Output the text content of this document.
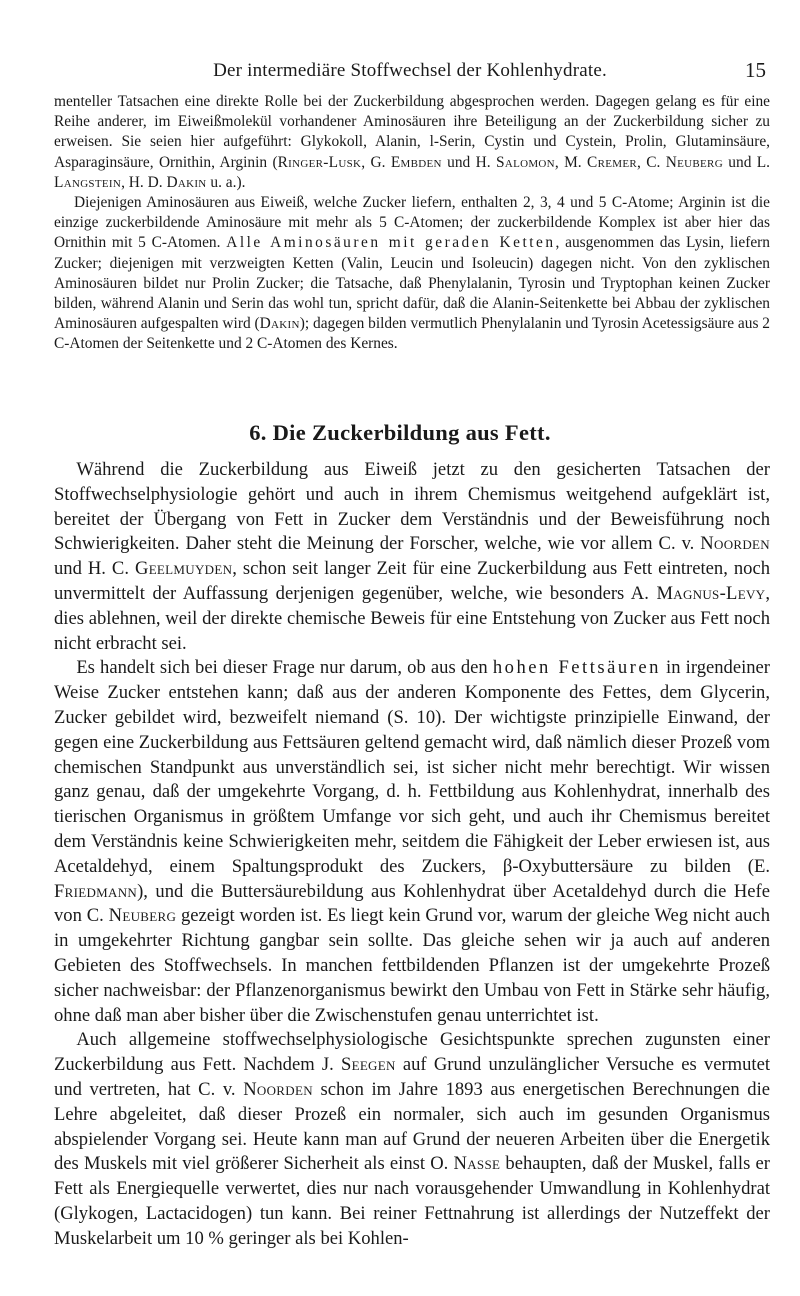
Der intermediäre Stoffwechsel der Kohlenhydrate.	15

menteller Tatsachen eine direkte Rolle bei der Zuckerbildung abgesprochen werden. Dagegen gelang es für eine Reihe anderer, im Eiweißmolekül vorhandener Aminosäuren ihre Beteiligung an der Zuckerbildung sicher zu erweisen. Sie seien hier aufgeführt: Glykokoll, Alanin, l-Serin, Cystin und Cystein, Prolin, Glutaminsäure, Asparaginsäure, Ornithin, Arginin (Ringer-Lusk, G. Embden und H. Salomon, M. Cremer, C. Neuberg und L. Langstein, H. D. Dakin u. a.).

Diejenigen Aminosäuren aus Eiweiß, welche Zucker liefern, enthalten 2, 3, 4 und 5 C-Atome; Arginin ist die einzige zuckerbildende Aminosäure mit mehr als 5 C-Atomen; der zuckerbildende Komplex ist aber hier das Ornithin mit 5 C-Atomen. Alle Aminosäuren mit geraden Ketten, ausgenommen das Lysin, liefern Zucker; diejenigen mit verzweigten Ketten (Valin, Leucin und Isoleucin) dagegen nicht. Von den zyklischen Aminosäuren bildet nur Prolin Zucker; die Tatsache, daß Phenylalanin, Tyrosin und Tryptophan keinen Zucker bilden, während Alanin und Serin das wohl tun, spricht dafür, daß die Alanin-Seitenkette bei Abbau der zyklischen Aminosäuren aufgespalten wird (Dakin); dagegen bilden vermutlich Phenylalanin und Tyrosin Acetessigsäure aus 2 C-Atomen der Seitenkette und 2 C-Atomen des Kernes.

6. Die Zuckerbildung aus Fett.

Während die Zuckerbildung aus Eiweiß jetzt zu den gesicherten Tatsachen der Stoffwechselphysiologie gehört und auch in ihrem Chemismus weitgehend aufgeklärt ist, bereitet der Übergang von Fett in Zucker dem Verständnis und der Beweisführung noch Schwierigkeiten. Daher steht die Meinung der Forscher, welche, wie vor allem C. v. Noorden und H. C. Geelmuyden, schon seit langer Zeit für eine Zuckerbildung aus Fett eintreten, noch unvermittelt der Auffassung derjenigen gegenüber, welche, wie besonders A. Magnus-Levy, dies ablehnen, weil der direkte chemische Beweis für eine Entstehung von Zucker aus Fett noch nicht erbracht sei.

Es handelt sich bei dieser Frage nur darum, ob aus den hohen Fettsäuren in irgendeiner Weise Zucker entstehen kann; daß aus der anderen Komponente des Fettes, dem Glycerin, Zucker gebildet wird, bezweifelt niemand (S. 10). Der wichtigste prinzipielle Einwand, der gegen eine Zuckerbildung aus Fettsäuren geltend gemacht wird, daß nämlich dieser Prozeß vom chemischen Standpunkt aus unverständlich sei, ist sicher nicht mehr berechtigt. Wir wissen ganz genau, daß der umgekehrte Vorgang, d. h. Fettbildung aus Kohlenhydrat, innerhalb des tierischen Organismus in größtem Umfange vor sich geht, und auch ihr Chemismus bereitet dem Verständnis keine Schwierigkeiten mehr, seitdem die Fähigkeit der Leber erwiesen ist, aus Acetaldehyd, einem Spaltungsprodukt des Zuckers, β-Oxybuttersäure zu bilden (E. Friedmann), und die Buttersäurebildung aus Kohlenhydrat über Acetaldehyd durch die Hefe von C. Neuberg gezeigt worden ist. Es liegt kein Grund vor, warum der gleiche Weg nicht auch in umgekehrter Richtung gangbar sein sollte. Das gleiche sehen wir ja auch auf anderen Gebieten des Stoffwechsels. In manchen fettbildenden Pflanzen ist der umgekehrte Prozeß sicher nachweisbar: der Pflanzenorganismus bewirkt den Umbau von Fett in Stärke sehr häufig, ohne daß man aber bisher über die Zwischenstufen genau unterrichtet ist.

Auch allgemeine stoffwechselphysiologische Gesichtspunkte sprechen zugunsten einer Zuckerbildung aus Fett. Nachdem J. Seegen auf Grund unzulänglicher Versuche es vermutet und vertreten, hat C. v. Noorden schon im Jahre 1893 aus energetischen Berechnungen die Lehre abgeleitet, daß dieser Prozeß ein normaler, sich auch im gesunden Organismus abspielender Vorgang sei. Heute kann man auf Grund der neueren Arbeiten über die Energetik des Muskels mit viel größerer Sicherheit als einst O. Nasse behaupten, daß der Muskel, falls er Fett als Energiequelle verwertet, dies nur nach vorausgehender Umwandlung in Kohlenhydrat (Glykogen, Lactacidogen) tun kann. Bei reiner Fettnahrung ist allerdings der Nutzeffekt der Muskelarbeit um 10 % geringer als bei Kohlen-
